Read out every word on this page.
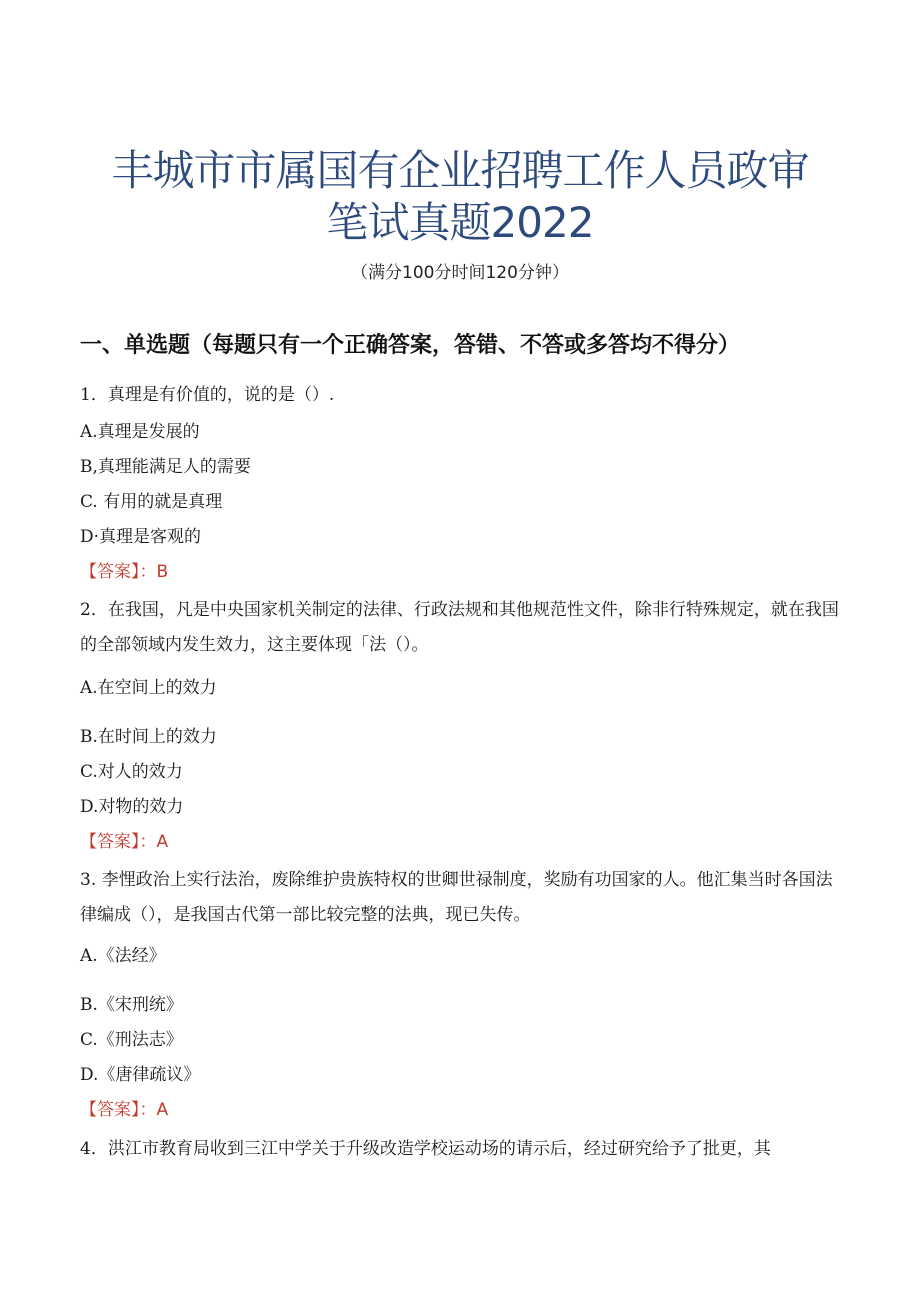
丰城市市属国有企业招聘工作人员政审
笔试真题2022
（满分100分时间120分钟）
一、单选题（每题只有一个正确答案，答错、不答或多答均不得分）
1．真理是有价值的，说的是（）.
A.真理是发展的
B,真理能满足人的需要
C. 有用的就是真理
D·真理是客观的
【答案】：B
2．在我国，凡是中央国家机关制定的法律、行政法规和其他规范性文件，除非行特殊规定，就在我国的全部领域内发生效力，这主要体现「法（）。
A.在空间上的效力
B.在时间上的效力
C.对人的效力
D.对物的效力
【答案】：A
3. 李悝政治上实行法治，废除维护贵族特权的世卿世禄制度，奖励有功国家的人。他汇集当时各国法律编成（），是我国古代第一部比较完整的法典，现已失传。
A.《法经》
B.《宋刑统》
C.《刑法志》
D.《唐律疏议》
【答案】：A
4．洪江市教育局收到三江中学关于升级改造学校运动场的请示后，经过研究给予了批更，其
